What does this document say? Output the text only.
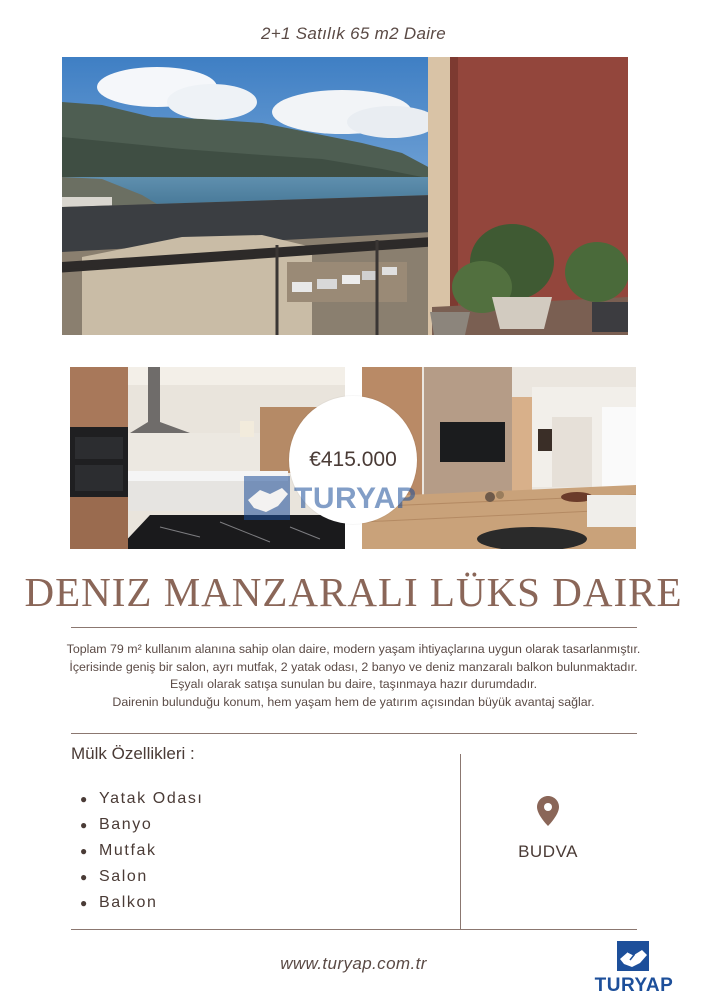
2+1 Satılık 65 m2 Daire
€415.000
TURYAP
DENIZ MANZARALI LÜKS DAIRE
Toplam 79 m² kullanım alanına sahip olan daire, modern yaşam ihtiyaçlarına uygun olarak tasarlanmıştır.
İçerisinde geniş bir salon, ayrı mutfak, 2 yatak odası, 2 banyo ve deniz manzaralı balkon bulunmaktadır.
Eşyalı olarak satışa sunulan bu daire, taşınmaya hazır durumdadır.
Dairenin bulunduğu konum, hem yaşam hem de yatırım açısından büyük avantaj sağlar.
Mülk Özellikleri :
● Yatak Odası
● Banyo
● Mutfak
● Salon
● Balkon
BUDVA
www.turyap.com.tr
TURYAP
